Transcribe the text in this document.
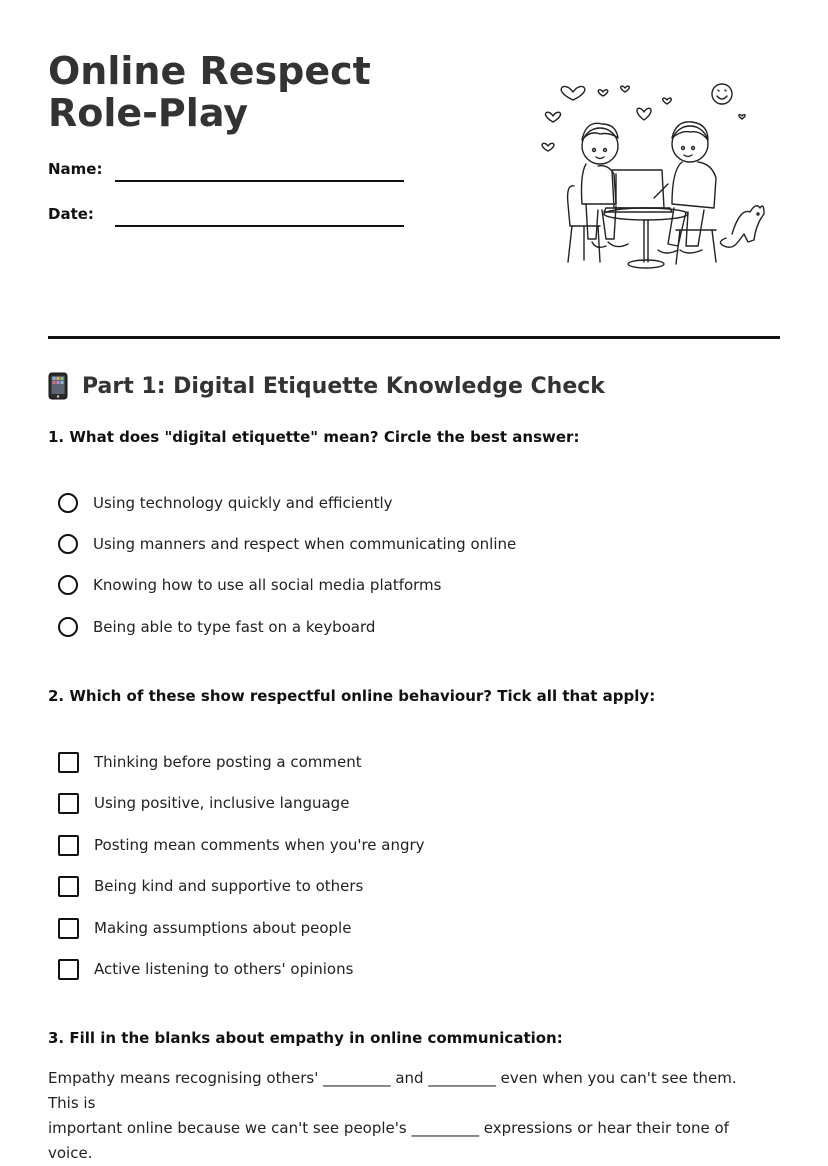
Online Respect Role-Play
Name:
Date:
Part 1: Digital Etiquette Knowledge Check
1. What does "digital etiquette" mean? Circle the best answer:
Using technology quickly and efficiently
Using manners and respect when communicating online
Knowing how to use all social media platforms
Being able to type fast on a keyboard
2. Which of these show respectful online behaviour? Tick all that apply:
Thinking before posting a comment
Using positive, inclusive language
Posting mean comments when you're angry
Being kind and supportive to others
Making assumptions about people
Active listening to others' opinions
3. Fill in the blanks about empathy in online communication:
Empathy means recognising others' _________ and _________ even when you can't see them. This is
important online because we can't see people's _________ expressions or hear their tone of voice.
